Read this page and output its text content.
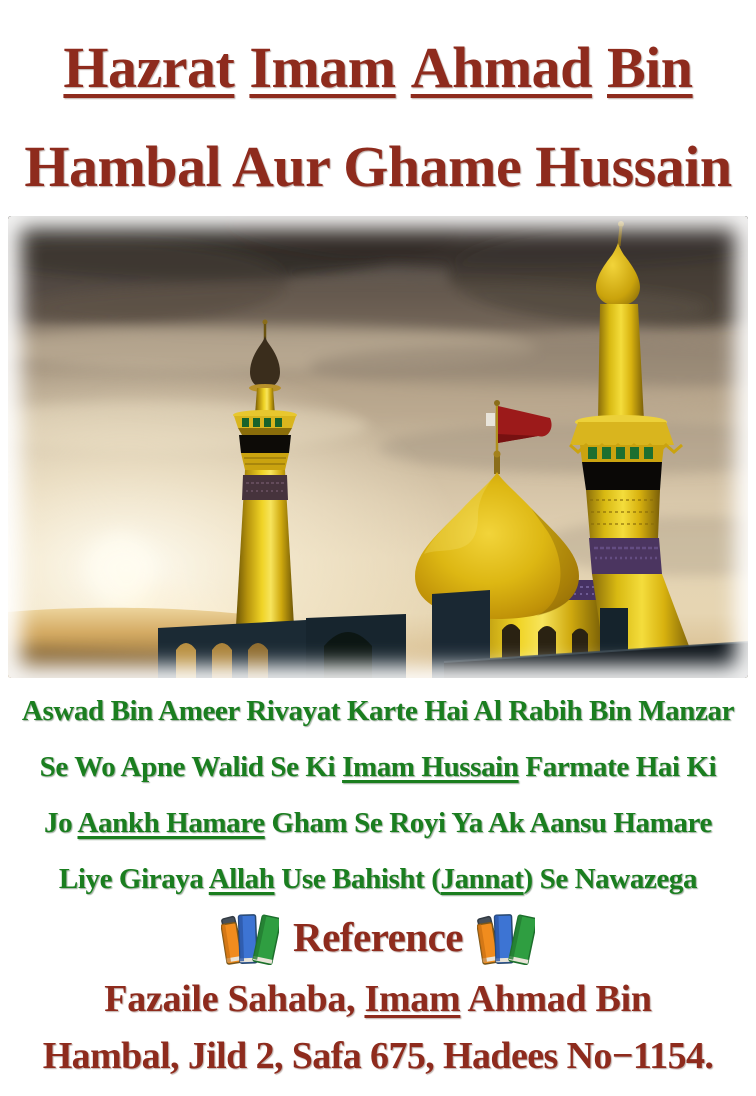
Hazrat Imam Ahmad Bin
Hambal Aur Ghame Hussain

Aswad Bin Ameer Rivayat Karte Hai Al Rabih Bin Manzar

Se Wo Apne Walid Se Ki Imam Hussain Farmate Hai Ki

Jo Aankh Hamare Gham Se Royi Ya Ak Aansu Hamare

Liye Giraya Allah Use Bahisht (Jannat) Se Nawazega

Reference

Fazaile Sahaba, Imam Ahmad Bin

Hambal, Jild 2, Safa 675, Hadees No−1154.
